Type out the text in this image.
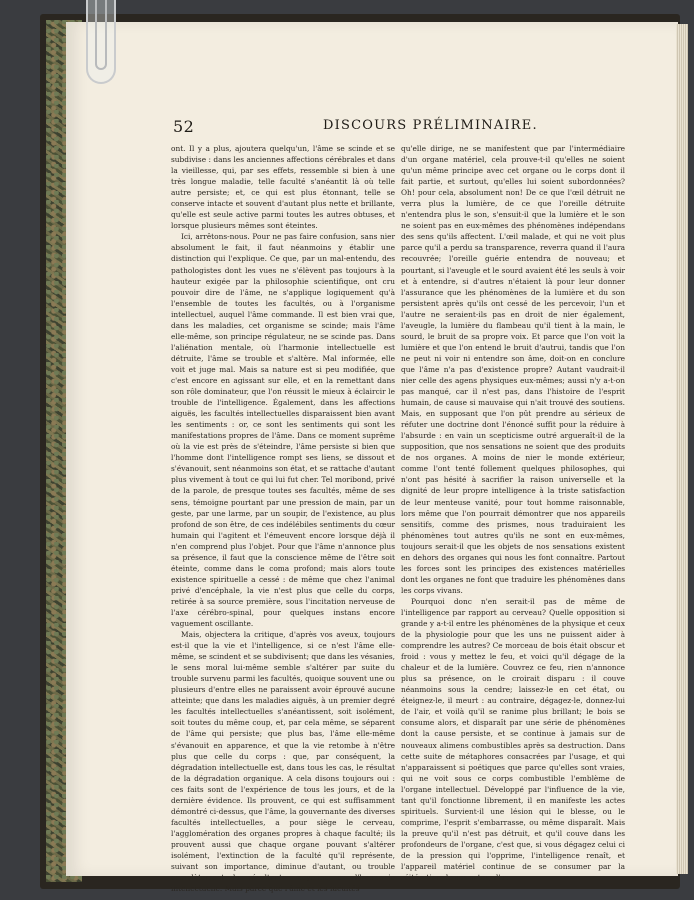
52	DISCOURS PRÉLIMINAIRE.

ont. Il y a plus, ajoutera quelqu'un, l'âme se scinde et se subdivise : dans les anciennes affections cérébrales et dans la vieillesse, qui, par ses effets, ressemble si bien à une très longue maladie, telle faculté s'anéantit là où telle autre persiste; et, ce qui est plus étonnant, telle se conserve intacte et souvent d'autant plus nette et brillante, qu'elle est seule active parmi toutes les autres obtuses, et lorsque plusieurs mêmes sont éteintes.

Ici, arrêtons-nous. Pour ne pas faire confusion, sans nier absolument le fait, il faut néanmoins y établir une distinction qui l'explique. Ce que, par un mal-entendu, des pathologistes dont les vues ne s'élèvent pas toujours à la hauteur exigée par la philosophie scientifique, ont cru pouvoir dire de l'âme, ne s'applique logiquement qu'à l'ensemble de toutes les facultés, ou à l'organisme intellectuel, auquel l'âme commande. Il est bien vrai que, dans les maladies, cet organisme se scinde; mais l'âme elle-même, son principe régulateur, ne se scinde pas. Dans l'aliénation mentale, où l'harmonie intellectuelle est détruite, l'âme se trouble et s'altère. Mal informée, elle voit et juge mal. Mais sa nature est si peu modifiée, que c'est encore en agissant sur elle, et en la remettant dans son rôle dominateur, que l'on réussit le mieux à éclaircir le trouble de l'intelligence. Également, dans les affections aiguës, les facultés intellectuelles disparaissent bien avant les sentiments : or, ce sont les sentiments qui sont les manifestations propres de l'âme. Dans ce moment suprême où la vie est près de s'éteindre, l'âme persiste si bien que l'homme dont l'intelligence rompt ses liens, se dissout et s'évanouit, sent néanmoins son état, et se rattache d'autant plus vivement à tout ce qui lui fut cher. Tel moribond, privé de la parole, de presque toutes ses facultés, même de ses sens, témoigne pourtant par une pression de main, par un geste, par une larme, par un soupir, de l'existence, au plus profond de son être, de ces indélébiles sentiments du cœur humain qui l'agitent et l'émeuvent encore lorsque déjà il n'en comprend plus l'objet. Pour que l'âme n'annonce plus sa présence, il faut que la conscience même de l'être soit éteinte, comme dans le coma profond; mais alors toute existence spirituelle a cessé : de même que chez l'animal privé d'encéphale, la vie n'est plus que celle du corps, retirée à sa source première, sous l'incitation nerveuse de l'axe cérébro-spinal, pour quelques instans encore vaguement oscillante.

Mais, objectera la critique, d'après vos aveux, toujours est-il que la vie et l'intelligence, si ce n'est l'âme elle-même, se scindent et se subdivisent; que dans les vésanies, le sens moral lui-même semble s'altérer par suite du trouble survenu parmi les facultés, quoique souvent une ou plusieurs d'entre elles ne paraissent avoir éprouvé aucune atteinte; que dans les maladies aiguës, à un premier degré les facultés intellectuelles s'anéantissent, soit isolément, soit toutes du même coup, et, par cela même, se séparent de l'âme qui persiste; que plus bas, l'âme elle-même s'évanouit en apparence, et que la vie retombe à n'être plus que celle du corps : que, par conséquent, la dégradation intellectuelle est, dans tous les cas, le résultat de la dégradation organique. A cela disons toujours oui : ces faits sont de l'expérience de tous les jours, et de la dernière évidence. Ils prouvent, ce qui est suffisamment démontré ci-dessus, que l'âme, la gouvernante des diverses facultés intellectuelles, a pour siège le cerveau, l'agglomération des organes propres à chaque faculté; ils prouvent aussi que chaque organe pouvant s'altérer isolément, l'extinction de la faculté qu'il représente, suivant son importance, diminue d'autant, ou trouble complètement la résultante moyenne ou l'harmonie intellectuelle. Mais parce que l'âme et les facultés

qu'elle dirige, ne se manifestent que par l'intermédiaire d'un organe matériel, cela prouve-t-il qu'elles ne soient qu'un même principe avec cet organe ou le corps dont il fait partie, et surtout, qu'elles lui soient subordonnées? Oh! pour cela, absolument non! De ce que l'œil détruit ne verra plus la lumière, de ce que l'oreille détruite n'entendra plus le son, s'ensuit-il que la lumière et le son ne soient pas en eux-mêmes des phénomènes indépendans des sens qu'ils affectent. L'œil malade, et qui ne voit plus parce qu'il a perdu sa transparence, reverra quand il l'aura recouvrée; l'oreille guérie entendra de nouveau; et pourtant, si l'aveugle et le sourd avaient été les seuls à voir et à entendre, si d'autres n'étaient là pour leur donner l'assurance que les phénomènes de la lumière et du son persistent après qu'ils ont cessé de les percevoir, l'un et l'autre ne seraient-ils pas en droit de nier également, l'aveugle, la lumière du flambeau qu'il tient à la main, le sourd, le bruit de sa propre voix. Et parce que l'on voit la lumière et que l'on entend le bruit d'autrui, tandis que l'on ne peut ni voir ni entendre son âme, doit-on en conclure que l'âme n'a pas d'existence propre? Autant vaudrait-il nier celle des agens physiques eux-mêmes; aussi n'y a-t-on pas manqué, car il n'est pas, dans l'histoire de l'esprit humain, de cause si mauvaise qui n'ait trouvé des soutiens. Mais, en supposant que l'on pût prendre au sérieux de réfuter une doctrine dont l'énoncé suffit pour la réduire à l'absurde : en vain un scepticisme outré argueraît-il de la supposition, que nos sensations ne soient que des produits de nos organes. A moins de nier le monde extérieur, comme l'ont tenté follement quelques philosophes, qui n'ont pas hésité à sacrifier la raison universelle et la dignité de leur propre intelligence à la triste satisfaction de leur menteuse vanité, pour tout homme raisonnable, lors même que l'on pourrait démontrer que nos appareils sensitifs, comme des prismes, nous traduiraient les phénomènes tout autres qu'ils ne sont en eux-mêmes, toujours serait-il que les objets de nos sensations existent en dehors des organes qui nous les font connaître. Partout les forces sont les principes des existences matérielles dont les organes ne font que traduire les phénomènes dans les corps vivans.

Pourquoi donc n'en serait-il pas de même de l'intelligence par rapport au cerveau? Quelle opposition si grande y a-t-il entre les phénomènes de la physique et ceux de la physiologie pour que les uns ne puissent aider à comprendre les autres? Ce morceau de bois était obscur et froid : vous y mettez le feu, et voici qu'il dégage de la chaleur et de la lumière. Couvrez ce feu, rien n'annonce plus sa présence, on le croirait disparu : il couve néanmoins sous la cendre; laissez-le en cet état, ou éteignez-le, il meurt : au contraire, dégagez-le, donnez-lui de l'air, et voilà qu'il se ranime plus brillant; le bois se consume alors, et disparaît par une série de phénomènes dont la cause persiste, et se continue à jamais sur de nouveaux alimens combustibles après sa destruction. Dans cette suite de métaphores consacrées par l'usage, et qui n'apparaissent si poétiques que parce qu'elles sont vraies, qui ne voit sous ce corps combustible l'emblème de l'organe intellectuel. Développé par l'influence de la vie, tant qu'il fonctionne librement, il en manifeste les actes spirituels. Survient-il une lésion qui le blesse, ou le comprime, l'esprit s'embarrasse, ou même disparaît. Mais la preuve qu'il n'est pas détruit, et qu'il couve dans les profondeurs de l'organe, c'est que, si vous dégagez celui ci de la pression qui l'opprime, l'intelligence renaît, et l'appareil matériel continue de se consumer par la réitération de ses actes, d'au-
